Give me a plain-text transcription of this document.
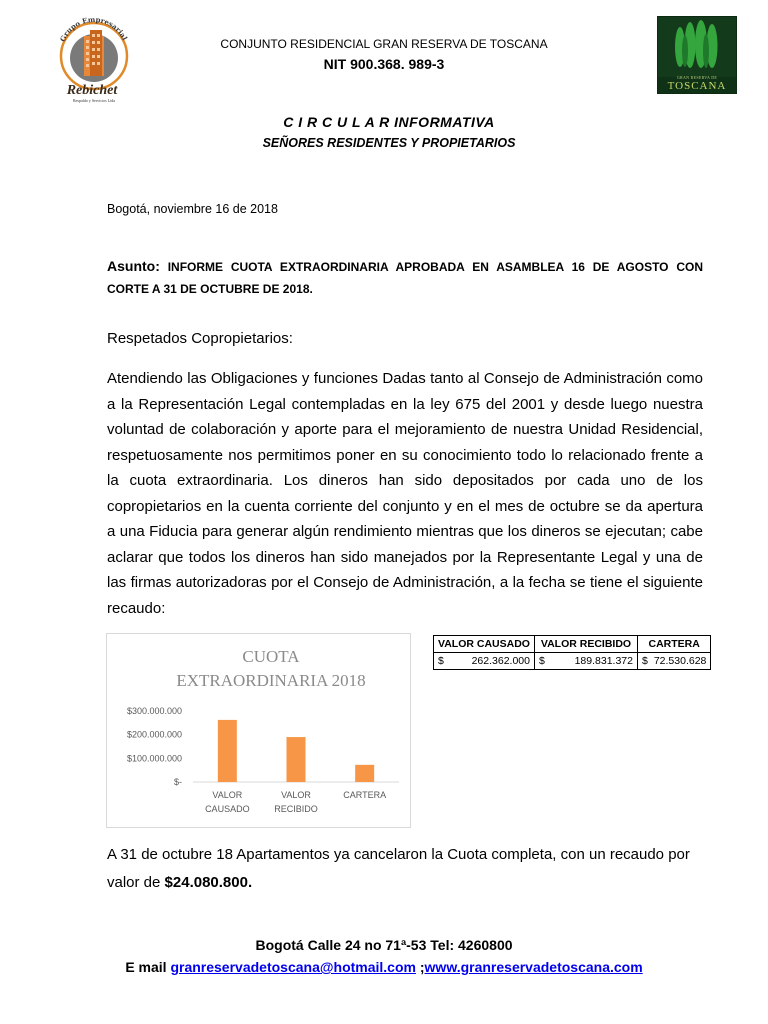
Grupo Empresarial
Rebichet
Respaldo y Servicios Ltda
GRAN RESERVA DE
TOSCANA
CONJUNTO RESIDENCIAL GRAN RESERVA DE TOSCANA
NIT 900.368. 989-3
C I R C U L A R INFORMATIVA
SEÑORES RESIDENTES Y PROPIETARIOS
Bogotá, noviembre 16 de 2018
Asunto: INFORME CUOTA EXTRAORDINARIA APROBADA EN ASAMBLEA 16 DE AGOSTO CON CORTE A 31 DE OCTUBRE DE 2018.
Respetados Copropietarios:
Atendiendo las Obligaciones y funciones Dadas tanto al Consejo de Administración como a la Representación Legal contempladas en la ley 675 del 2001 y desde luego nuestra voluntad de colaboración y aporte para el mejoramiento de nuestra Unidad Residencial, respetuosamente nos permitimos poner en su conocimiento todo lo relacionado frente a la cuota extraordinaria. Los dineros han sido depositados por cada uno de los copropietarios en la cuenta corriente del conjunto y en el mes de octubre se da apertura a una Fiducia para generar algún rendimiento mientras que los dineros se ejecutan; cabe aclarar que todos los dineros han sido manejados por la Representante Legal y una de las firmas autorizadoras por el Consejo de Administración, a la fecha se tiene el siguiente recaudo:
CUOTA
EXTRAORDINARIA 2018
$300.000.000
$200.000.000
$100.000.000
$-
VALOR
CAUSADO
VALOR
RECIBIDO
CARTERA
VALOR CAUSADO	VALOR RECIBIDO	CARTERA

$ 262.362.000	$ 189.831.372	$ 72.530.628
A 31 de octubre 18 Apartamentos ya cancelaron la Cuota completa, con un recaudo por valor de $24.080.800.
Bogotá Calle 24 no 71ª-53 Tel: 4260800
E mail granreservadetoscana@hotmail.com ;www.granreservadetoscana.com
